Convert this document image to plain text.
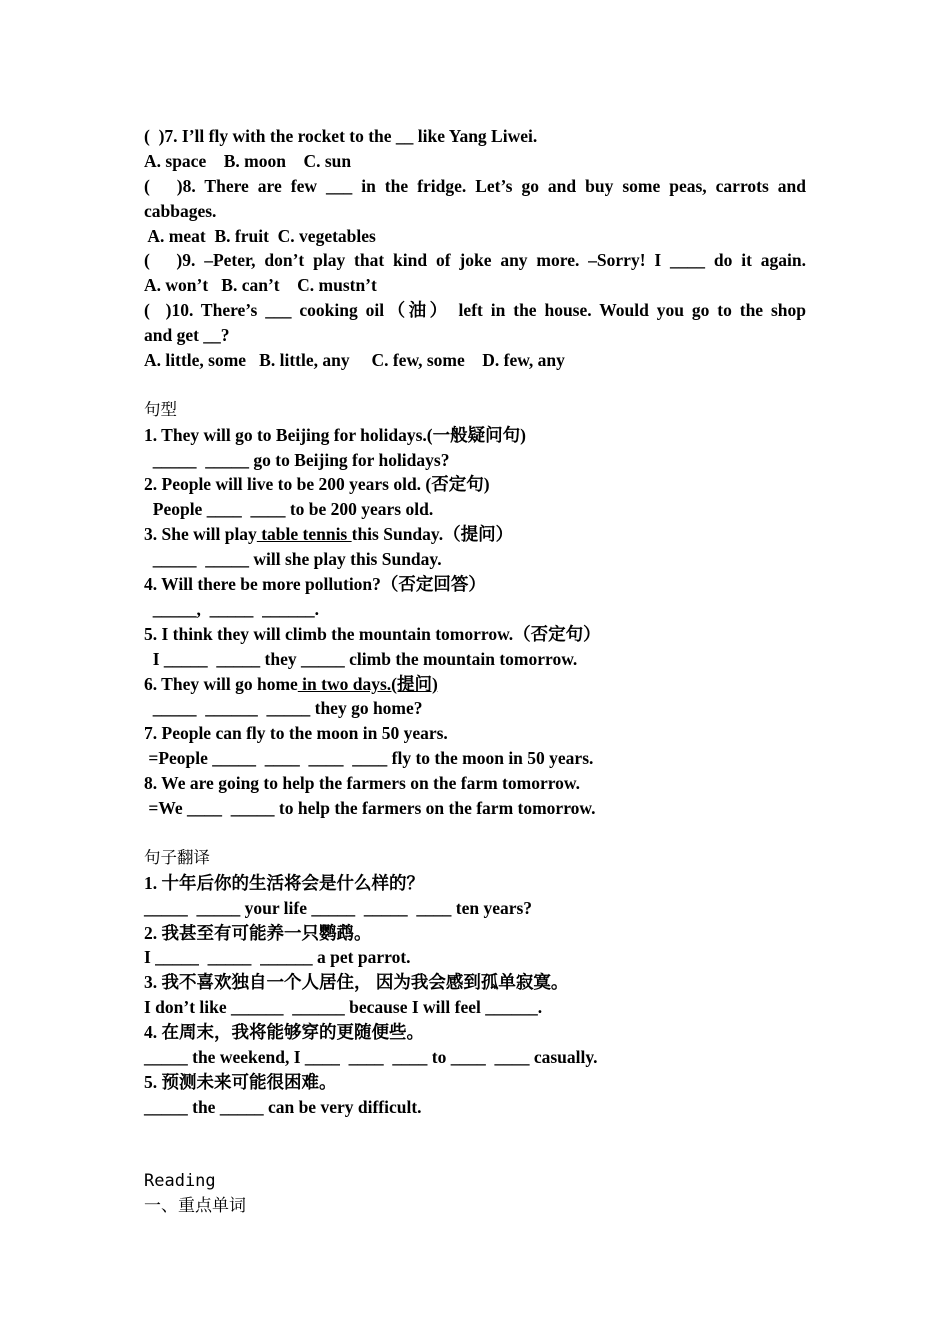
(  )7. I’ll fly with the rocket to the __ like Yang Liwei.
A. space    B. moon    C. sun
(   )8. There are few ___ in the fridge. Let’s go and buy some peas, carrots and
cabbages.
A. meat  B. fruit  C. vegetables
(   )9. –Peter, don’t play that kind of joke any more. –Sorry! I ____ do it again.
A. won’t   B. can’t    C. mustn’t
(  )10. There’s ___ cooking oil（油） left in the house. Would you go to the shop
and get __?
A. little, some   B. little, any     C. few, some    D. few, any
句型
1. They will go to Beijing for holidays.(一般疑问句)
_____  _____ go to Beijing for holidays?
2. People will live to be 200 years old. (否定句)
People ____  ____ to be 200 years old.
3. She will play table tennis this Sunday.（提问）
_____  _____ will she play this Sunday.
4. Will there be more pollution?（否定回答）
_____,  _____  ______.
5. I think they will climb the mountain tomorrow.（否定句）
I _____  _____ they _____ climb the mountain tomorrow.
6. They will go home in two days.(提问)
_____  ______  _____ they go home?
7. People can fly to the moon in 50 years.
=People _____  ____  ____  ____ fly to the moon in 50 years.
8. We are going to help the farmers on the farm tomorrow.
=We ____  _____ to help the farmers on the farm tomorrow.
句子翻译
1. 十年后你的生活将会是什么样的？
_____  _____ your life _____  _____  ____ ten years?
2. 我甚至有可能养一只鹦鹉。
I _____  _____  ______ a pet parrot.
3. 我不喜欢独自一个人居住， 因为我会感到孤单寂寞。
I don’t like ______  ______ because I will feel ______.
4. 在周末，我将能够穿的更随便些。
_____ the weekend, I ____  ____  ____ to ____  ____ casually.
5. 预测未来可能很困难。
_____ the _____ can be very difficult.
Reading
一、重点单词
